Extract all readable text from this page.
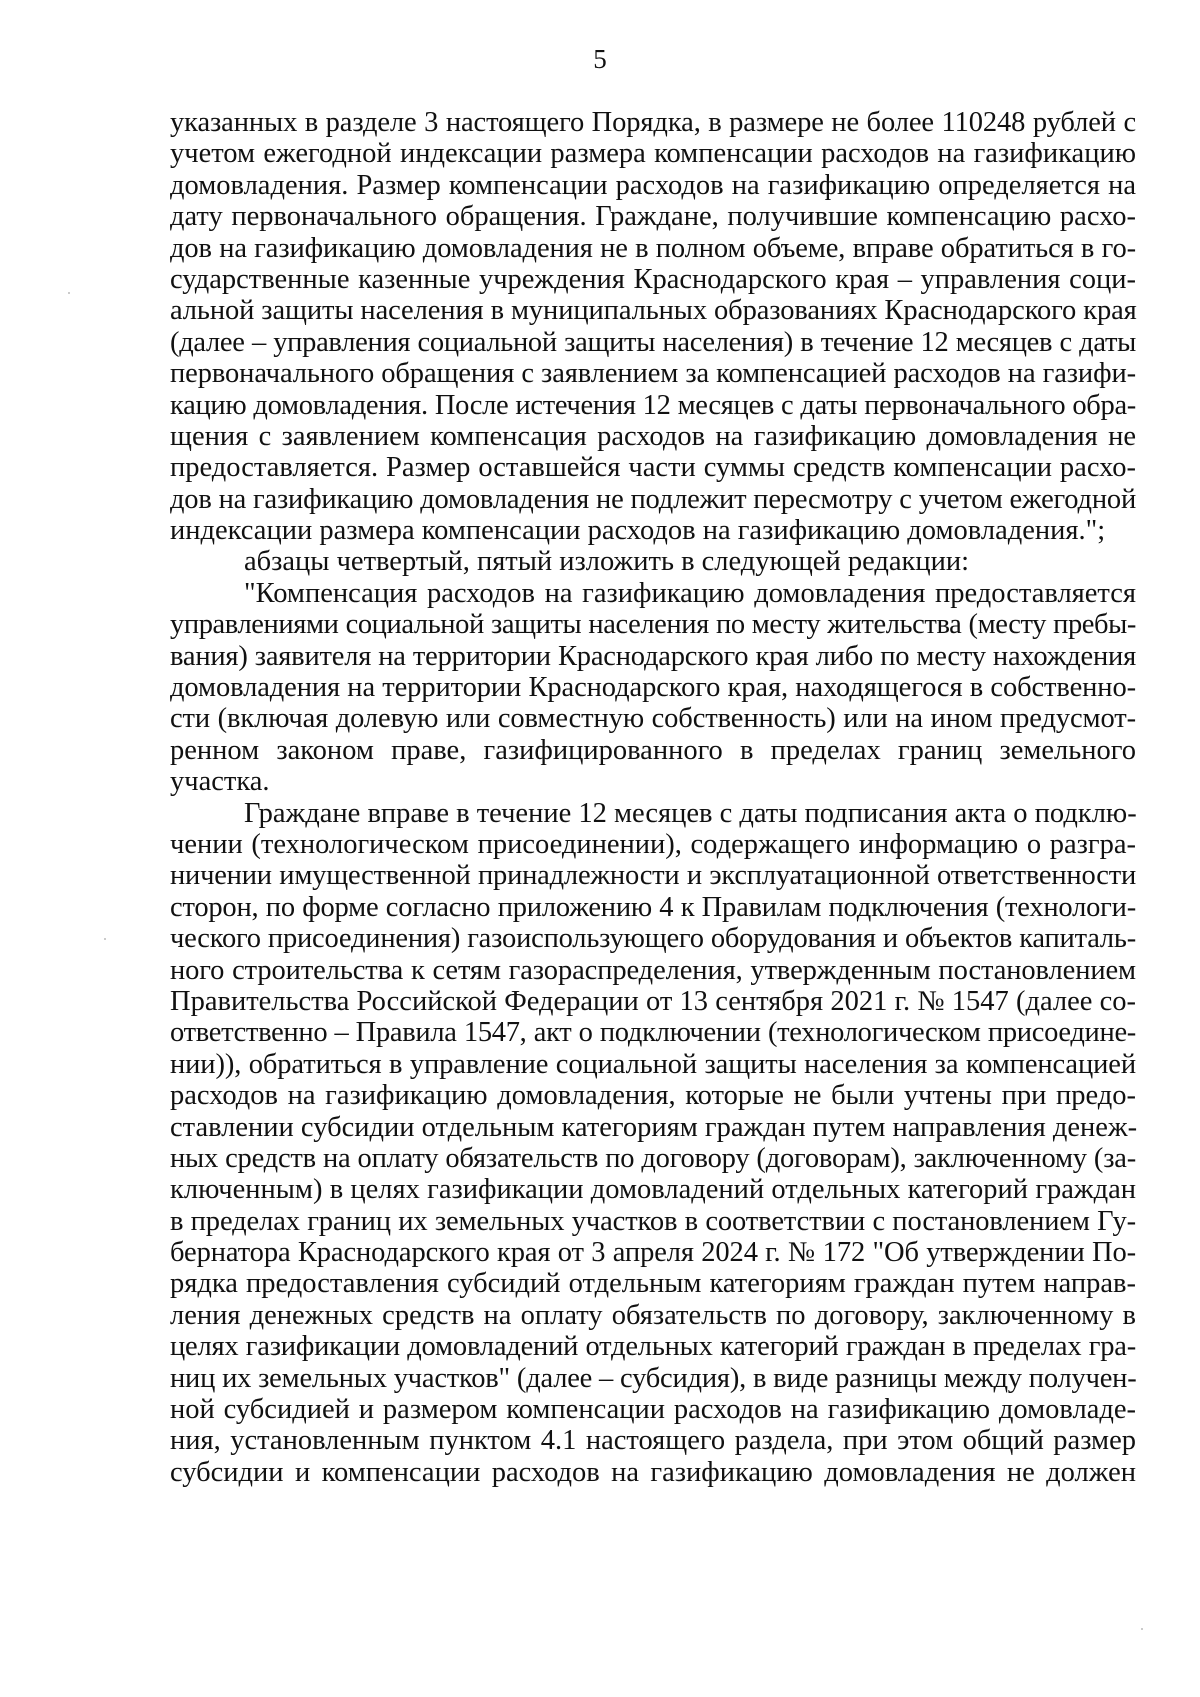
5
указанных в разделе 3 настоящего Порядка, в размере не более 110248 рублей с
учетом ежегодной индексации размера компенсации расходов на газификацию
домовладения. Размер компенсации расходов на газификацию определяется на
дату первоначального обращения. Граждане, получившие компенсацию расхо-
дов на газификацию домовладения не в полном объеме, вправе обратиться в го-
сударственные казенные учреждения Краснодарского края – управления соци-
альной защиты населения в муниципальных образованиях Краснодарского края
(далее – управления социальной защиты населения) в течение 12 месяцев с даты
первоначального обращения с заявлением за компенсацией расходов на газифи-
кацию домовладения. После истечения 12 месяцев с даты первоначального обра-
щения с заявлением компенсация расходов на газификацию домовладения не
предоставляется. Размер оставшейся части суммы средств компенсации расхо-
дов на газификацию домовладения не подлежит пересмотру с учетом ежегодной
индексации размера компенсации расходов на газификацию домовладения.";
абзацы четвертый, пятый изложить в следующей редакции:
"Компенсация расходов на газификацию домовладения предоставляется
управлениями социальной защиты населения по месту жительства (месту пребы-
вания) заявителя на территории Краснодарского края либо по месту нахождения
домовладения на территории Краснодарского края, находящегося в собственно-
сти (включая долевую или совместную собственность) или на ином предусмот-
ренном законом праве, газифицированного в пределах границ земельного
участка.
Граждане вправе в течение 12 месяцев с даты подписания акта о подклю-
чении (технологическом присоединении), содержащего информацию о разгра-
ничении имущественной принадлежности и эксплуатационной ответственности
сторон, по форме согласно приложению 4 к Правилам подключения (технологи-
ческого присоединения) газоиспользующего оборудования и объектов капиталь-
ного строительства к сетям газораспределения, утвержденным постановлением
Правительства Российской Федерации от 13 сентября 2021 г. № 1547 (далее со-
ответственно – Правила 1547, акт о подключении (технологическом присоедине-
нии)), обратиться в управление социальной защиты населения за компенсацией
расходов на газификацию домовладения, которые не были учтены при предо-
ставлении субсидии отдельным категориям граждан путем направления денеж-
ных средств на оплату обязательств по договору (договорам), заключенному (за-
ключенным) в целях газификации домовладений отдельных категорий граждан
в пределах границ их земельных участков в соответствии с постановлением Гу-
бернатора Краснодарского края от 3 апреля 2024 г. № 172 "Об утверждении По-
рядка предоставления субсидий отдельным категориям граждан путем направ-
ления денежных средств на оплату обязательств по договору, заключенному в
целях газификации домовладений отдельных категорий граждан в пределах гра-
ниц их земельных участков" (далее – субсидия), в виде разницы между получен-
ной субсидией и размером компенсации расходов на газификацию домовладе-
ния, установленным пунктом 4.1 настоящего раздела, при этом общий размер
субсидии и компенсации расходов на газификацию домовладения не должен
